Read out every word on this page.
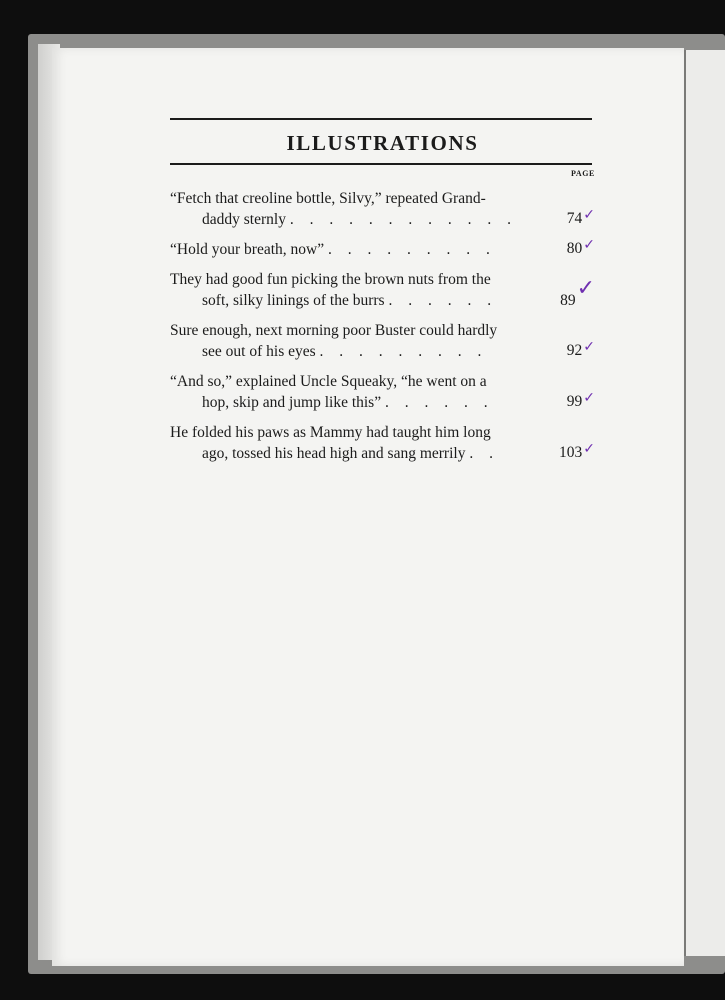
ILLUSTRATIONS
PAGE
“Fetch that creoline bottle, Silvy,” repeated Grand-
daddy sternly . . . . . . . . . . . .	74✓
“Hold your breath, now” . . . . . . . . .	80✓
They had good fun picking the brown nuts from the
soft, silky linings of the burrs . . . . . .	89✓
Sure enough, next morning poor Buster could hardly
see out of his eyes . . . . . . . . .	92✓
“And so,” explained Uncle Squeaky, “he went on a
hop, skip and jump like this” . . . . . .	99✓
He folded his paws as Mammy had taught him long
ago, tossed his head high and sang merrily . .	103✓
